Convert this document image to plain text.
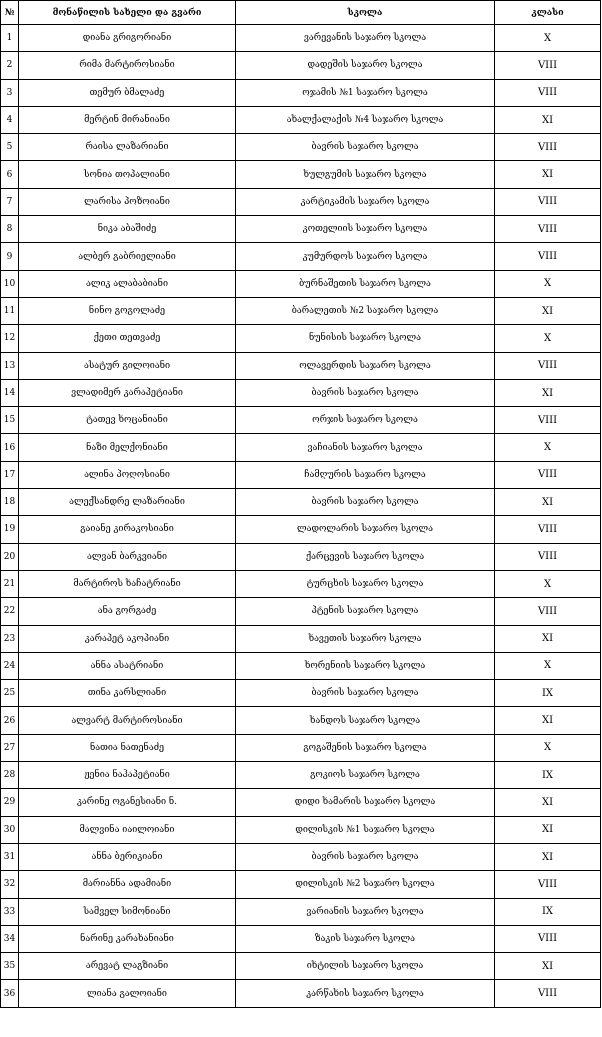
№	მონაწილის სახელი და გვარი	სკოლა	კლასი
1	დიანა გრიგორიანი	ვარევანის საჯარო სკოლა	X
2	რიმა მარტიროსიანი	დადეშის საჯარო სკოლა	VIII
3	თემურ ბმალაძე	ოჯამის №1 საჯარო სკოლა	VIII
4	მერტინ მირანიანი	ახალქალაქის №4 საჯარო სკოლა	XI
5	რაისა ლაზარიანი	ბავრის საჯარო სკოლა	VIII
6	სონია თოპალიანი	ხულგუმის საჯარო სკოლა	XI
7	ლარისა პოზოიანი	კარტიკამის საჯარო სკოლა	VIII
8	ნიკა აბაშიძე	კოთელიის საჯარო სკოლა	VIII
9	ალბერ გაბრიელიანი	კუმურდოს საჯარო სკოლა	VIII
10	ალიკ ალაბაბიანი	ბურნაშეთის საჯარო სკოლა	X
11	ნინო გოგოლაძე	ბარალეთის №2 საჯარო სკოლა	XI
12	ქეთი თეთვაძე	ნუნისის საჯარო სკოლა	X
13	ასატურ გილოიანი	ოლავერდის საჯარო სკოლა	VIII
14	ვლადიმერ კარაპეტიანი	ბავრის საჯარო სკოლა	XI
15	ტათევ ხოცანიანი	ორჯის საჯარო სკოლა	VIII
16	ნაზი მელქონიანი	ვაჩიანის საჯარო სკოლა	X
17	ალინა პოღოსიანი	ჩამღურის საჯარო სკოლა	VIII
18	ალექსანდრე ლაზარიანი	ბავრის საჯარო სკოლა	XI
19	გაიანე კირაკოსიანი	ლადოლარის საჯარო სკოლა	VIII
20	ალვან ბარკვიანი	ქარცევის საჯარო სკოლა	VIII
21	მარტიროს ხაჩატრიანი	ტურცხის საჯარო სკოლა	X
22	ანა გორგაძე	პტენის საჯარო სკოლა	VIII
23	კარაპეტ აკოპიანი	ხავეთის საჯარო სკოლა	XI
24	ანნა ასატრიანი	ხორენიის საჯარო სკოლა	X
25	თინა კარსლიანი	ბავრის საჯარო სკოლა	IX
26	ალვარტ მარტიროსიანი	ხანდოს საჯარო სკოლა	XI
27	ნათია ნათენაძე	გოგაშენის საჯარო სკოლა	X
28	ჟენია ნაჰაპეტიანი	გოკიოს საჯარო სკოლა	IX
29	კარინე ოგანესიანი ნ.	დიდი ხამარის საჯარო სკოლა	XI
30	მალვინა იაილოიანი	დილისკის №1 საჯარო სკოლა	XI
31	ანნა ბერიკიანი	ბავრის საჯარო სკოლა	XI
32	მარიანნა ადამიანი	დილისკის №2 საჯარო სკოლა	VIII
33	სამველ სიმონიანი	ვარიანის საჯარო სკოლა	IX
34	ნარინე კარახანიანი	ზაკის საჯარო სკოლა	VIII
35	არევატ ლაგზიანი	იხტილის საჯარო სკოლა	XI
36	ლიანა გალოიანი	კარწახის საჯარო სკოლა	VIII
